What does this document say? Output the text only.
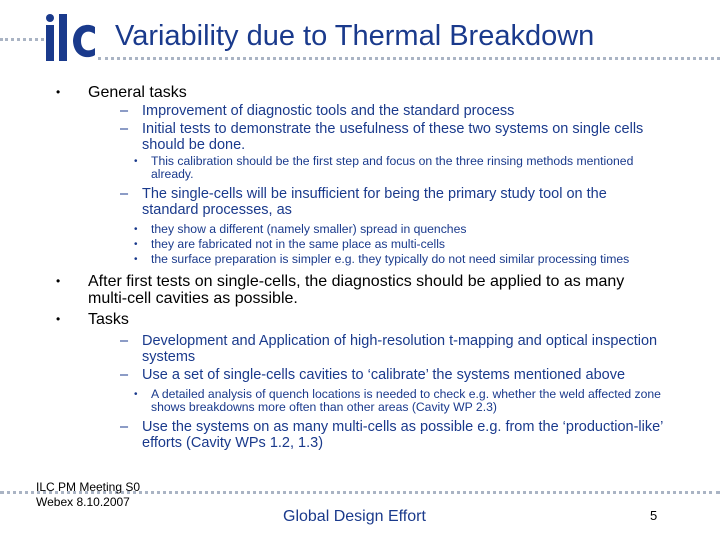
Variability due to Thermal Breakdown
• General tasks
– Improvement of diagnostic tools and the standard process
– Initial tests to demonstrate the usefulness of these two systems on single cells should be done.
• This calibration should be the first step and focus on the three rinsing methods mentioned already.
– The single-cells will be insufficient for being the primary study tool on the standard processes, as
• they show a different (namely smaller) spread in quenches
• they are fabricated not in the same place as multi-cells
• the surface preparation is simpler e.g. they typically do not need similar processing times
• After first tests on single-cells, the diagnostics should be applied to as many multi-cell cavities as possible.
• Tasks
– Development and Application of high-resolution t-mapping and optical inspection systems
– Use a set of single-cells cavities to ‘calibrate’ the systems mentioned above
• A detailed analysis of quench locations is needed to check e.g. whether the weld affected zone shows breakdowns more often than other areas (Cavity WP 2.3)
– Use the systems on as many multi-cells as possible e.g. from the ‘production-like’ efforts (Cavity WPs 1.2, 1.3)
ILC PM Meeting S0
Webex 8.10.2007
Global Design Effort	5
